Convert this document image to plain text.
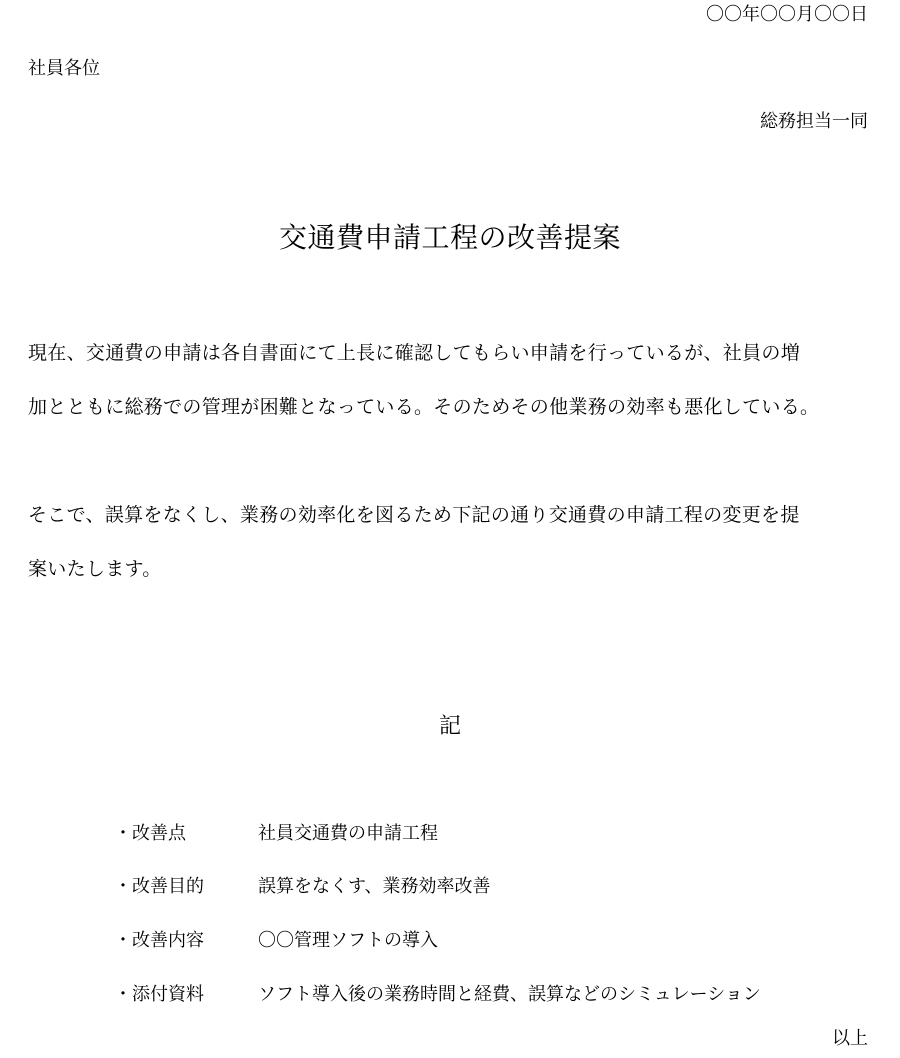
〇〇年〇〇月〇〇日
社員各位
総務担当一同
交通費申請工程の改善提案
現在、交通費の申請は各自書面にて上長に確認してもらい申請を行っているが、社員の増
加とともに総務での管理が困難となっている。そのためその他業務の効率も悪化している。
そこで、誤算をなくし、業務の効率化を図るため下記の通り交通費の申請工程の変更を提
案いたします。
記
・ 改善点	社員交通費の申請工程
・ 改善目的	誤算をなくす、業務効率改善
・ 改善内容	〇〇管理ソフトの導入
・ 添付資料	ソフト導入後の業務時間と経費、誤算などのシミュレーション
以上
